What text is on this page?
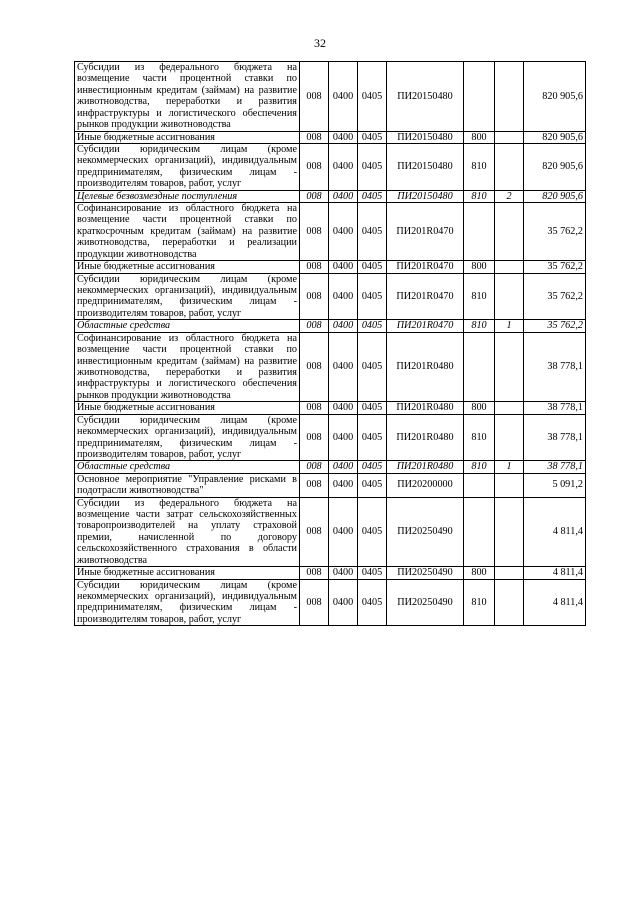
32
Субсидии из федерального бюджета на возмещение части процентной ставки по инвестиционным кредитам (займам) на развитие животноводства, переработки и развития инфраструктуры и логистического обеспечения рынков продукции животноводства	008	0400	0405	ПИ20150480			820 905,6
Иные бюджетные ассигнования	008	0400	0405	ПИ20150480	800		820 905,6
Субсидии юридическим лицам (кроме некоммерческих организаций), индивидуальным предпринимателям, физическим лицам - производителям товаров, работ, услуг	008	0400	0405	ПИ20150480	810		820 905,6
Целевые безвозмездные поступления	008	0400	0405	ПИ20150480	810	2	820 905,6
Софинансирование из областного бюджета на возмещение части процентной ставки по краткосрочным кредитам (займам) на развитие животноводства, переработки и реализации продукции животноводства	008	0400	0405	ПИ201R0470			35 762,2
Иные бюджетные ассигнования	008	0400	0405	ПИ201R0470	800		35 762,2
Субсидии юридическим лицам (кроме некоммерческих организаций), индивидуальным предпринимателям, физическим лицам - производителям товаров, работ, услуг	008	0400	0405	ПИ201R0470	810		35 762,2
Областные средства	008	0400	0405	ПИ201R0470	810	1	35 762,2
Софинансирование из областного бюджета на возмещение части процентной ставки по инвестиционным кредитам (займам) на развитие животноводства, переработки и развития инфраструктуры и логистического обеспечения рынков продукции животноводства	008	0400	0405	ПИ201R0480			38 778,1
Иные бюджетные ассигнования	008	0400	0405	ПИ201R0480	800		38 778,1
Субсидии юридическим лицам (кроме некоммерческих организаций), индивидуальным предпринимателям, физическим лицам - производителям товаров, работ, услуг	008	0400	0405	ПИ201R0480	810		38 778,1
Областные средства	008	0400	0405	ПИ201R0480	810	1	38 778,1
Основное мероприятие "Управление рисками в подотрасли животноводства"	008	0400	0405	ПИ20200000			5 091,2
Субсидии из федерального бюджета на возмещение части затрат сельскохозяйственных товаропроизводителей на уплату страховой премии, начисленной по договору сельскохозяйственного страхования в области животноводства	008	0400	0405	ПИ20250490			4 811,4
Иные бюджетные ассигнования	008	0400	0405	ПИ20250490	800		4 811,4
Субсидии юридическим лицам (кроме некоммерческих организаций), индивидуальным предпринимателям, физическим лицам - производителям товаров, работ, услуг	008	0400	0405	ПИ20250490	810		4 811,4
